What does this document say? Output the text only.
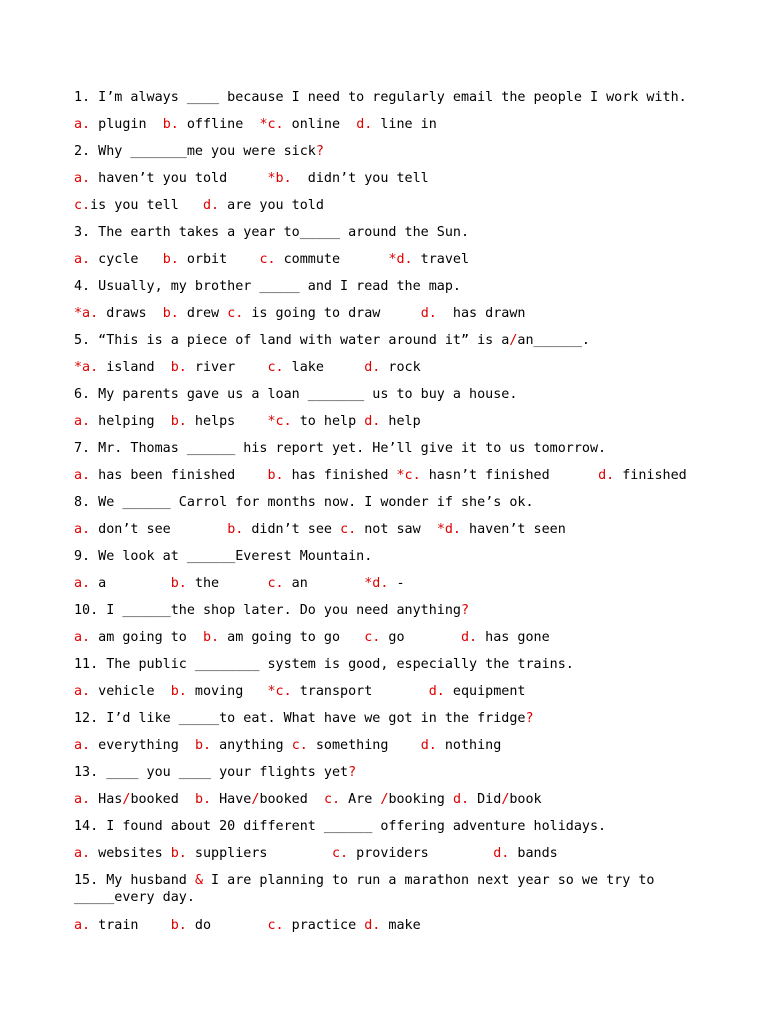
1. I’m always ____ because I need to regularly email the people I work with.
a. plugin  b. offline  *c. online  d. line in
2. Why _______me you were sick?
a. haven’t you told     *b.  didn’t you tell
c.is you tell   d. are you told
3. The earth takes a year to_____ around the Sun.
a. cycle   b. orbit    c. commute      *d. travel
4. Usually, my brother _____ and I read the map.
*a. draws  b. drew c. is going to draw     d.  has drawn
5. “This is a piece of land with water around it” is a/an______.
*a. island  b. river    c. lake     d. rock
6. My parents gave us a loan _______ us to buy a house.
a. helping  b. helps    *c. to help d. help
7. Mr. Thomas ______ his report yet. He’ll give it to us tomorrow.
a. has been finished    b. has finished *c. hasn’t finished      d. finished
8. We ______ Carrol for months now. I wonder if she’s ok.
a. don’t see       b. didn’t see c. not saw  *d. haven’t seen
9. We look at ______Everest Mountain.
a. a        b. the      c. an       *d. -
10. I ______the shop later. Do you need anything?
a. am going to  b. am going to go   c. go       d. has gone
11. The public ________ system is good, especially the trains.
a. vehicle  b. moving   *c. transport       d. equipment
12. I’d like _____to eat. What have we got in the fridge?
a. everything  b. anything c. something    d. nothing
13. ____ you ____ your flights yet?
a. Has/booked  b. Have/booked  c. Are /booking d. Did/book
14. I found about 20 different ______ offering adventure holidays.
a. websites b. suppliers        c. providers        d. bands
15. My husband & I are planning to run a marathon next year so we try to
_____every day.
a. train    b. do       c. practice d. make
